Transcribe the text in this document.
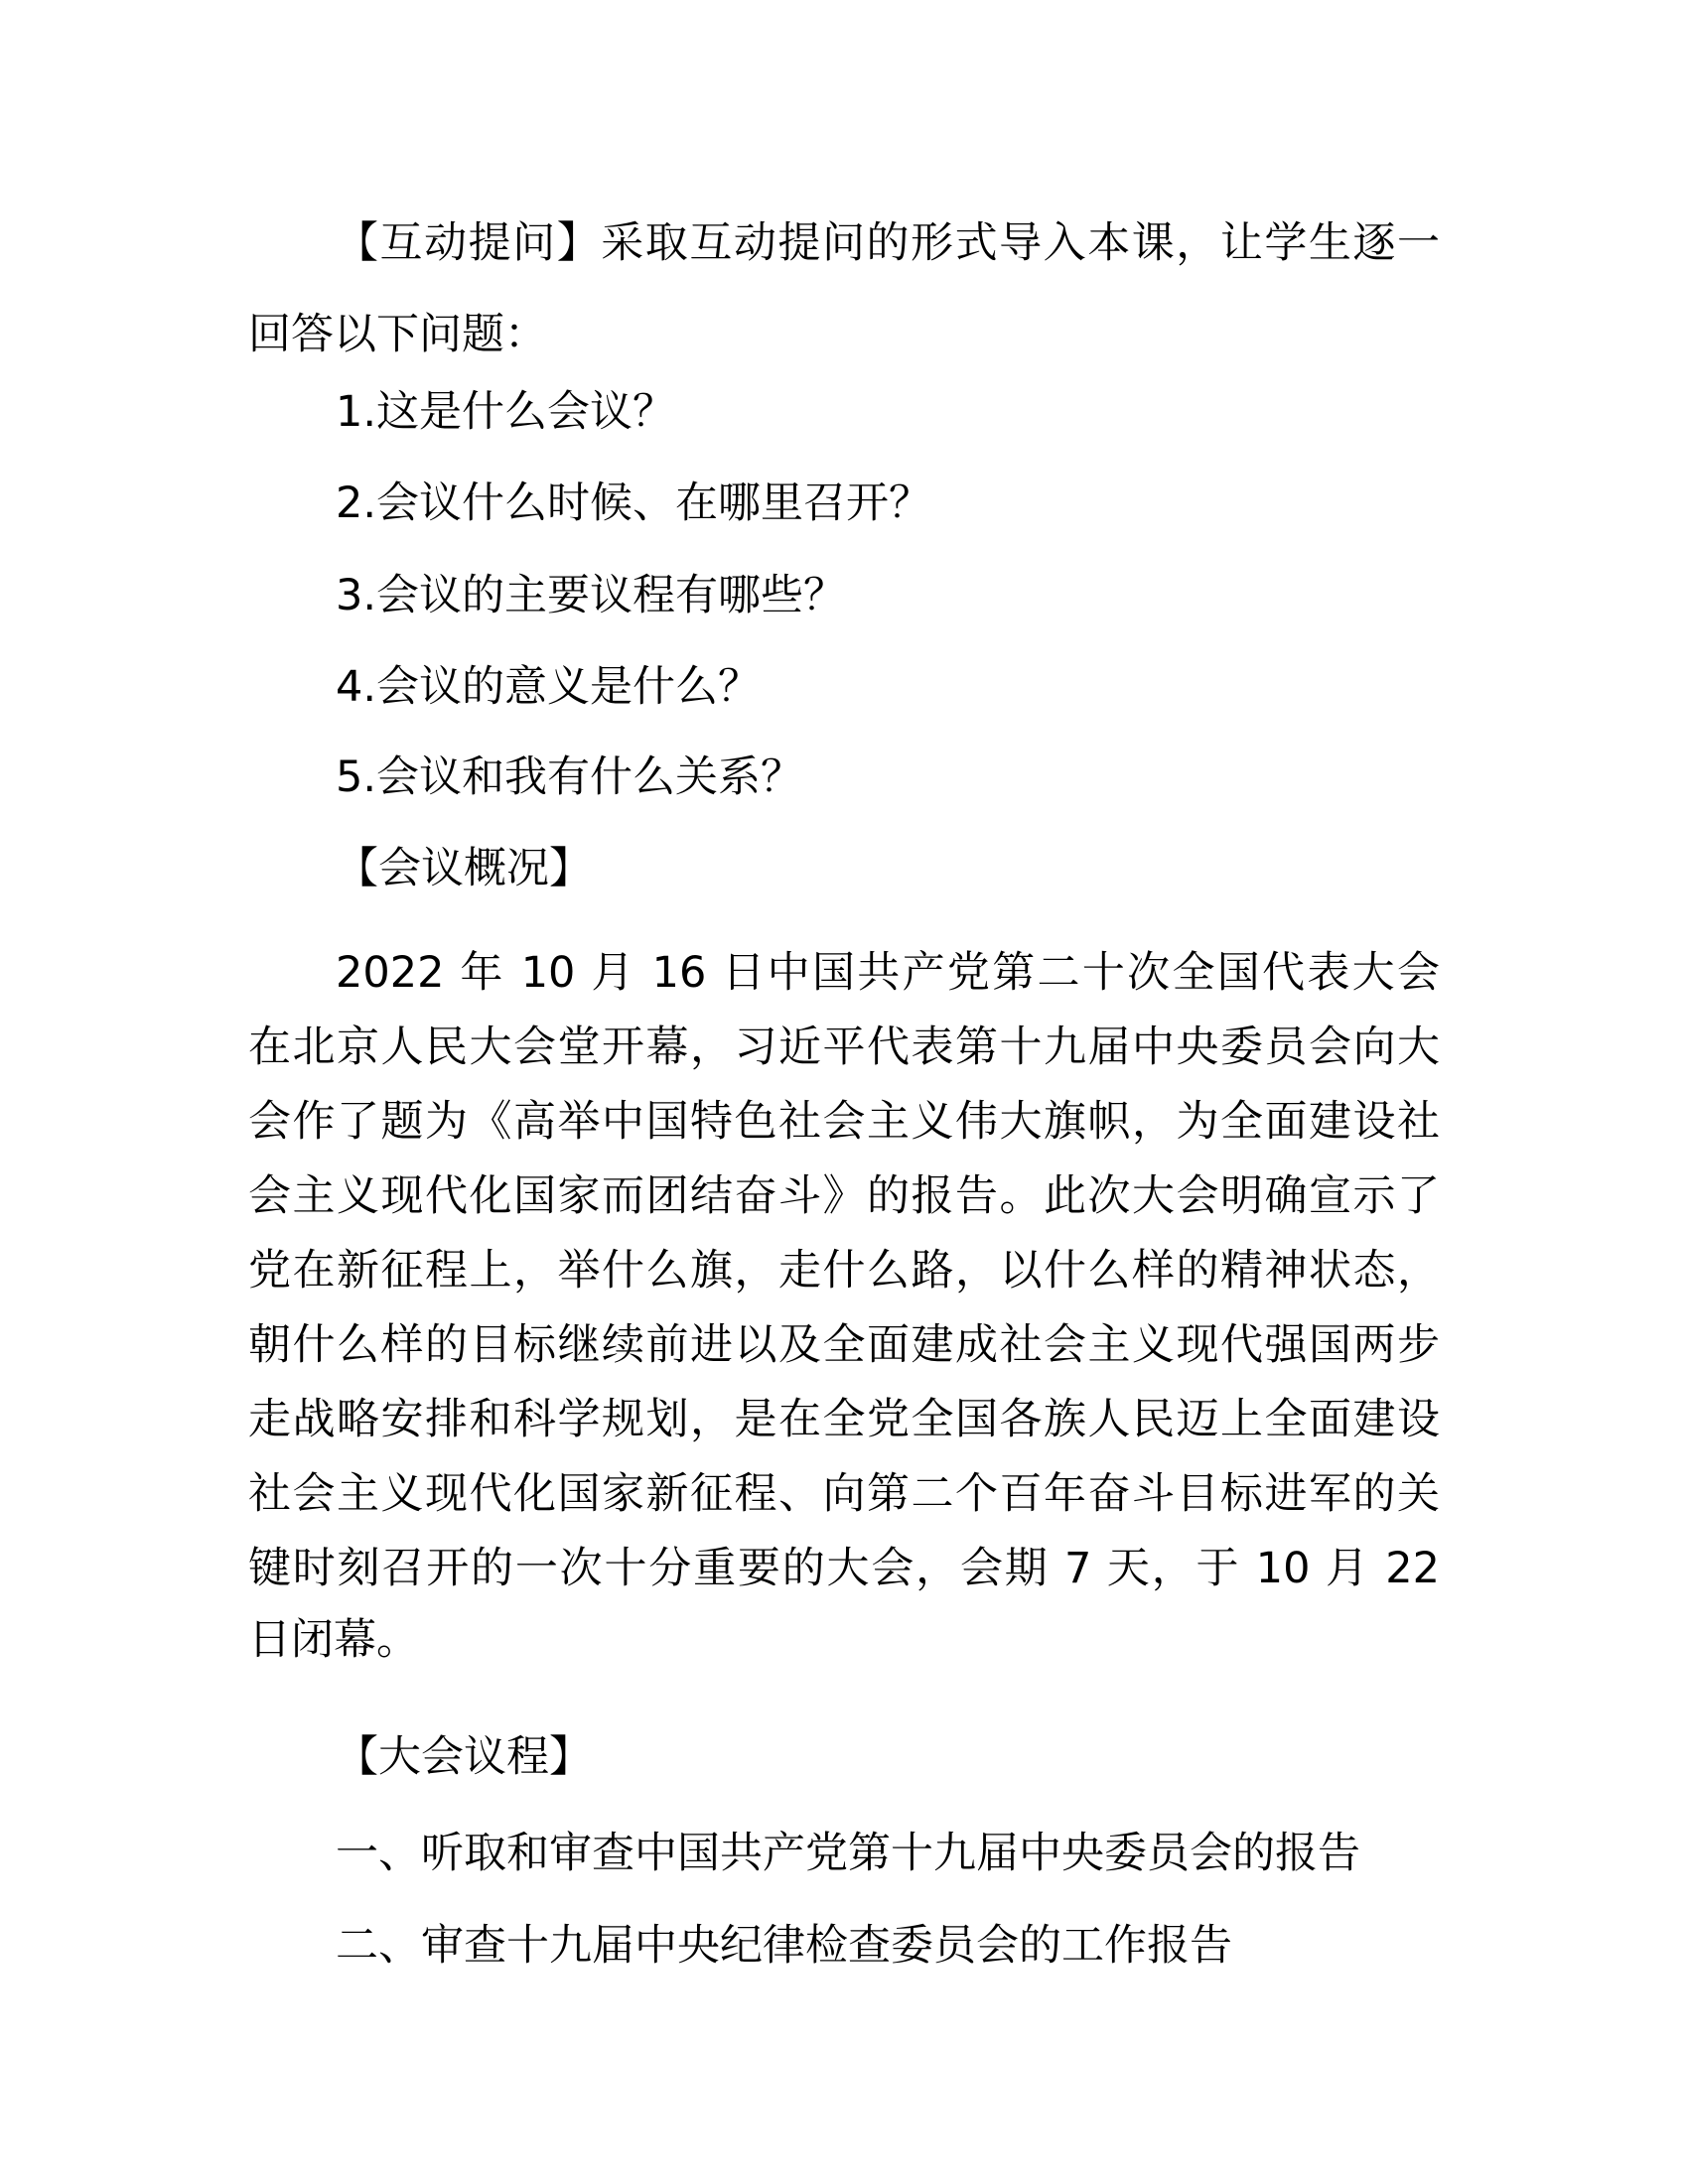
【互动提问】采取互动提问的形式导入本课，让学生逐一
回答以下问题：
1.这是什么会议？
2.会议什么时候、在哪里召开？
3.会议的主要议程有哪些？
4.会议的意义是什么？
5.会议和我有什么关系？
【会议概况】
2022 年 10 月 16 日中国共产党第二十次全国代表大会
在北京人民大会堂开幕，习近平代表第十九届中央委员会向大
会作了题为《高举中国特色社会主义伟大旗帜，为全面建设社
会主义现代化国家而团结奋斗》的报告。此次大会明确宣示了
党在新征程上，举什么旗，走什么路，以什么样的精神状态，
朝什么样的目标继续前进以及全面建成社会主义现代强国两步
走战略安排和科学规划，是在全党全国各族人民迈上全面建设
社会主义现代化国家新征程、向第二个百年奋斗目标进军的关
键时刻召开的一次十分重要的大会，会期 7 天，于 10 月 22
日闭幕。
【大会议程】
一、听取和审查中国共产党第十九届中央委员会的报告
二、审查十九届中央纪律检查委员会的工作报告
